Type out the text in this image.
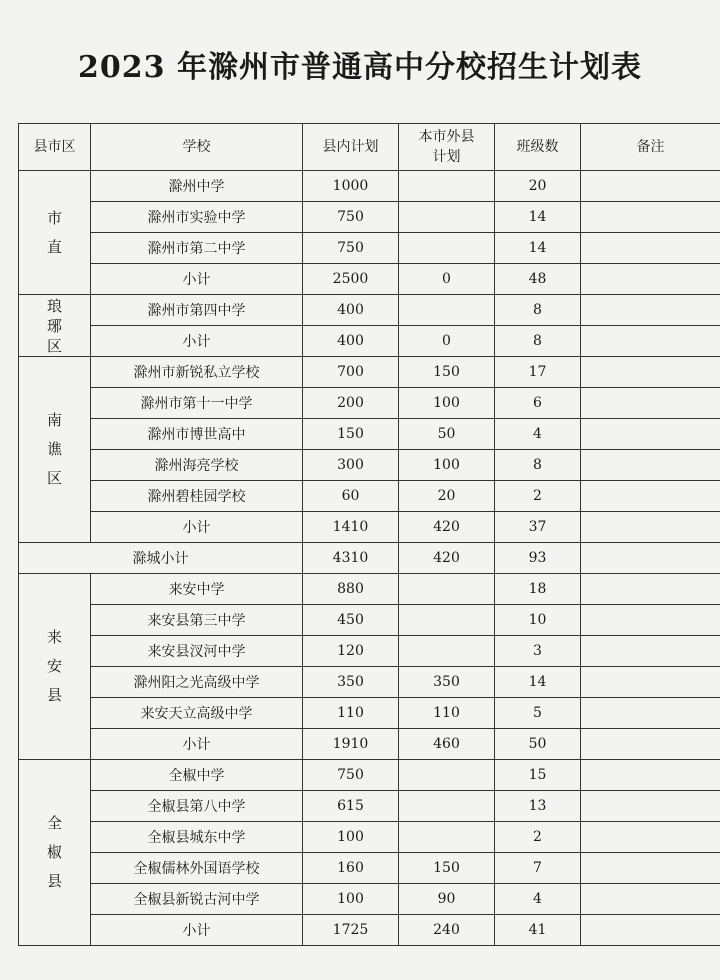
2023 年滁州市普通高中分校招生计划表
县市区	学校	县内计划	本市外县计划	班级数	备注

市直	滁州中学	1000		20	
	滁州市实验中学	750		14	
	滁州市第二中学	750		14	
	小计	2500	0	48	

琅琊区	滁州市第四中学	400		8	
	小计	400	0	8	

南谯区	滁州市新锐私立学校	700	150	17	
	滁州市第十一中学	200	100	6	
	滁州市博世高中	150	50	4	
	滁州海亮学校	300	100	8	
	滁州碧桂园学校	60	20	2	
	小计	1410	420	37	
滁城小计		4310	420	93	

来安县	来安中学	880		18	
	来安县第三中学	450		10	
	来安县汊河中学	120		3	
	滁州阳之光高级中学	350	350	14	
	来安天立高级中学	110	110	5	
	小计	1910	460	50	

全椒县	全椒中学	750		15	
	全椒县第八中学	615		13	
	全椒县城东中学	100		2	
	全椒儒林外国语学校	160	150	7	
	全椒县新锐古河中学	100	90	4	
	小计	1725	240	41	
